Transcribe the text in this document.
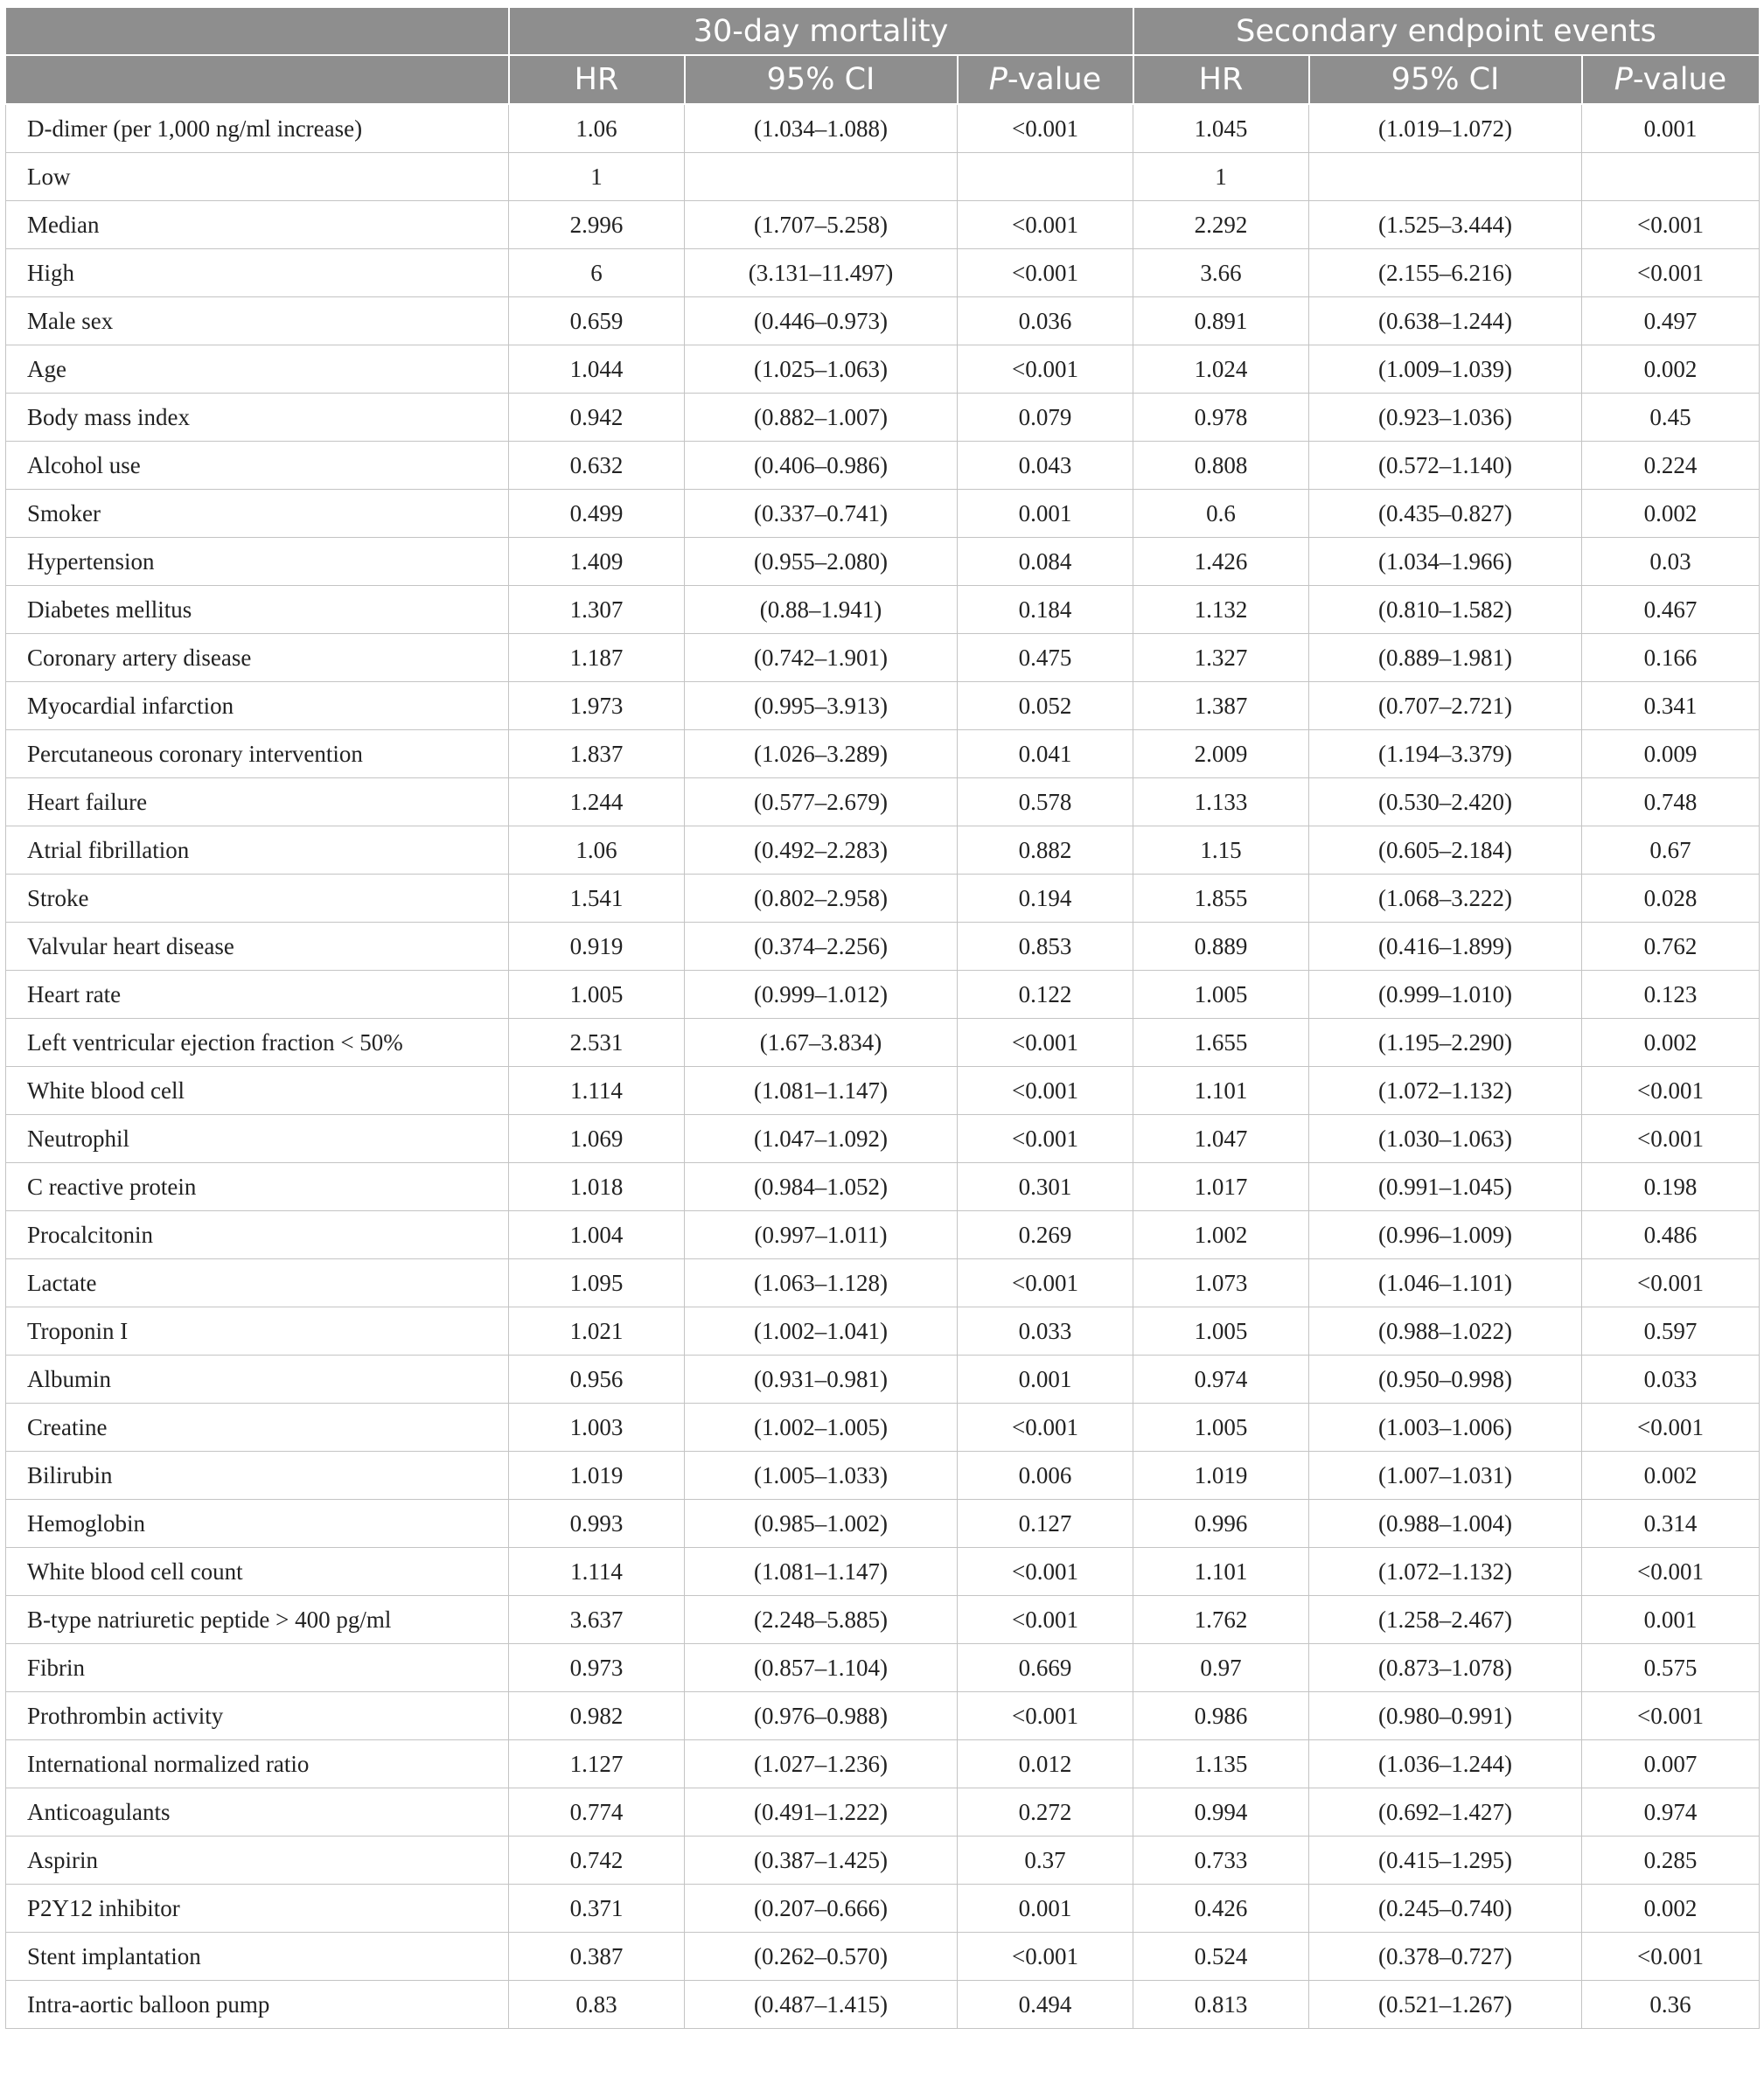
	30-day mortality			Secondary endpoint events		
	HR	95% CI	P-value	HR	95% CI	P-value
D-dimer (per 1,000 ng/ml increase)	1.06	(1.034–1.088)	<0.001	1.045	(1.019–1.072)	0.001
Low	1			1		
Median	2.996	(1.707–5.258)	<0.001	2.292	(1.525–3.444)	<0.001
High	6	(3.131–11.497)	<0.001	3.66	(2.155–6.216)	<0.001
Male sex	0.659	(0.446–0.973)	0.036	0.891	(0.638–1.244)	0.497
Age	1.044	(1.025–1.063)	<0.001	1.024	(1.009–1.039)	0.002
Body mass index	0.942	(0.882–1.007)	0.079	0.978	(0.923–1.036)	0.45
Alcohol use	0.632	(0.406–0.986)	0.043	0.808	(0.572–1.140)	0.224
Smoker	0.499	(0.337–0.741)	0.001	0.6	(0.435–0.827)	0.002
Hypertension	1.409	(0.955–2.080)	0.084	1.426	(1.034–1.966)	0.03
Diabetes mellitus	1.307	(0.88–1.941)	0.184	1.132	(0.810–1.582)	0.467
Coronary artery disease	1.187	(0.742–1.901)	0.475	1.327	(0.889–1.981)	0.166
Myocardial infarction	1.973	(0.995–3.913)	0.052	1.387	(0.707–2.721)	0.341
Percutaneous coronary intervention	1.837	(1.026–3.289)	0.041	2.009	(1.194–3.379)	0.009
Heart failure	1.244	(0.577–2.679)	0.578	1.133	(0.530–2.420)	0.748
Atrial fibrillation	1.06	(0.492–2.283)	0.882	1.15	(0.605–2.184)	0.67
Stroke	1.541	(0.802–2.958)	0.194	1.855	(1.068–3.222)	0.028
Valvular heart disease	0.919	(0.374–2.256)	0.853	0.889	(0.416–1.899)	0.762
Heart rate	1.005	(0.999–1.012)	0.122	1.005	(0.999–1.010)	0.123
Left ventricular ejection fraction < 50%	2.531	(1.67–3.834)	<0.001	1.655	(1.195–2.290)	0.002
White blood cell	1.114	(1.081–1.147)	<0.001	1.101	(1.072–1.132)	<0.001
Neutrophil	1.069	(1.047–1.092)	<0.001	1.047	(1.030–1.063)	<0.001
C reactive protein	1.018	(0.984–1.052)	0.301	1.017	(0.991–1.045)	0.198
Procalcitonin	1.004	(0.997–1.011)	0.269	1.002	(0.996–1.009)	0.486
Lactate	1.095	(1.063–1.128)	<0.001	1.073	(1.046–1.101)	<0.001
Troponin I	1.021	(1.002–1.041)	0.033	1.005	(0.988–1.022)	0.597
Albumin	0.956	(0.931–0.981)	0.001	0.974	(0.950–0.998)	0.033
Creatine	1.003	(1.002–1.005)	<0.001	1.005	(1.003–1.006)	<0.001
Bilirubin	1.019	(1.005–1.033)	0.006	1.019	(1.007–1.031)	0.002
Hemoglobin	0.993	(0.985–1.002)	0.127	0.996	(0.988–1.004)	0.314
White blood cell count	1.114	(1.081–1.147)	<0.001	1.101	(1.072–1.132)	<0.001
B-type natriuretic peptide > 400 pg/ml	3.637	(2.248–5.885)	<0.001	1.762	(1.258–2.467)	0.001
Fibrin	0.973	(0.857–1.104)	0.669	0.97	(0.873–1.078)	0.575
Prothrombin activity	0.982	(0.976–0.988)	<0.001	0.986	(0.980–0.991)	<0.001
International normalized ratio	1.127	(1.027–1.236)	0.012	1.135	(1.036–1.244)	0.007
Anticoagulants	0.774	(0.491–1.222)	0.272	0.994	(0.692–1.427)	0.974
Aspirin	0.742	(0.387–1.425)	0.37	0.733	(0.415–1.295)	0.285
P2Y12 inhibitor	0.371	(0.207–0.666)	0.001	0.426	(0.245–0.740)	0.002
Stent implantation	0.387	(0.262–0.570)	<0.001	0.524	(0.378–0.727)	<0.001
Intra-aortic balloon pump	0.83	(0.487–1.415)	0.494	0.813	(0.521–1.267)	0.36
